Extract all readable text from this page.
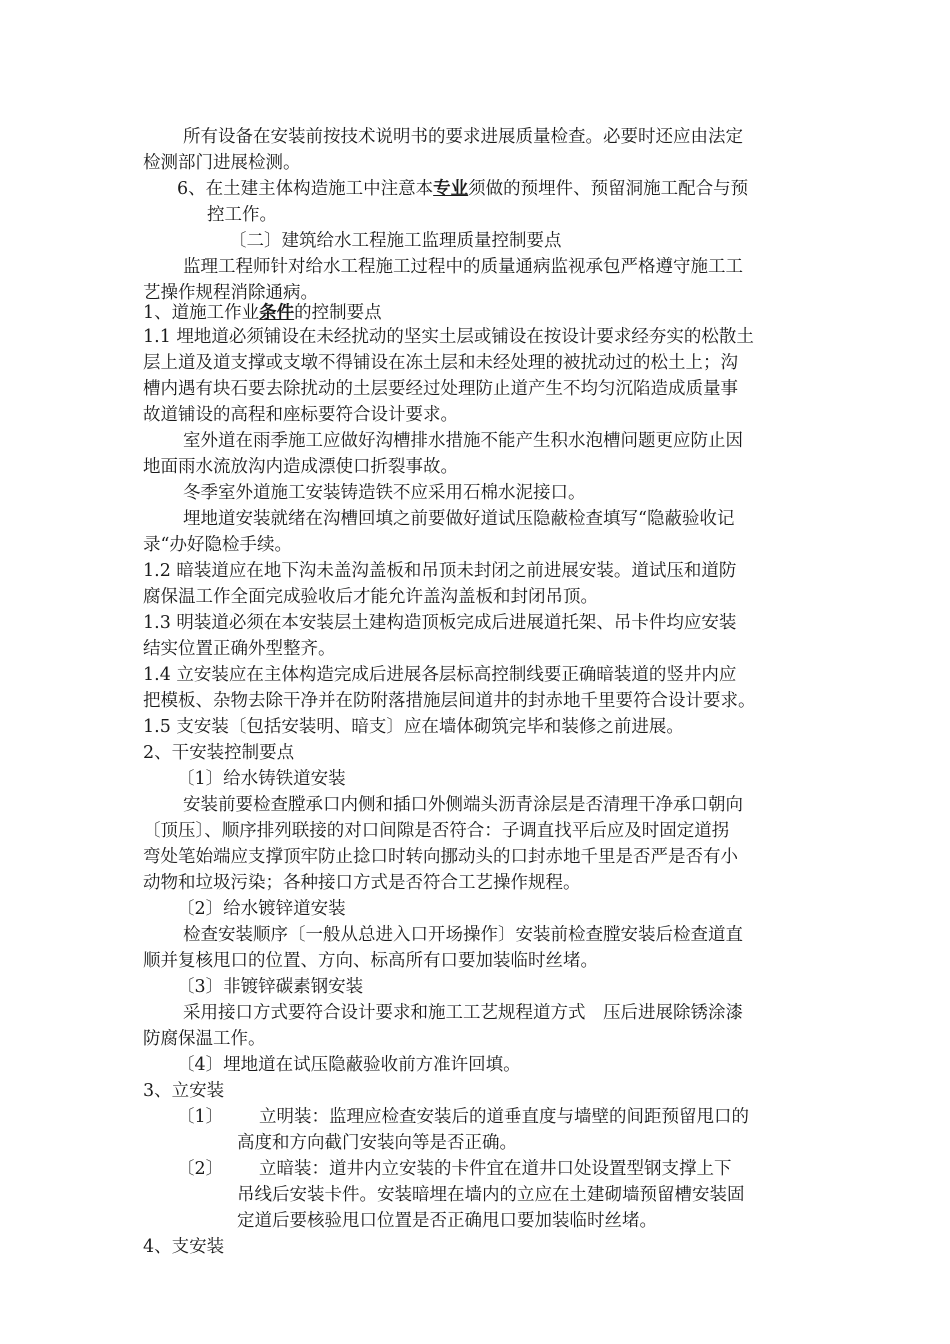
所有设备在安装前按技术说明书的要求进展质量检查。必要时还应由法定

检测部门进展检测。

6、在土建主体构造施工中注意本专业须做的预埋件、预留洞施工配合与预

控工作。

〔二〕建筑给水工程施工监理质量控制要点

监理工程师针对给水工程施工过程中的质量通病监视承包严格遵守施工工

艺操作规程消除通病。

1、道施工作业条件的控制要点

1.1 埋地道必须铺设在未经扰动的坚实土层或铺设在按设计要求经夯实的松散土

层上道及道支撑或支墩不得铺设在冻土层和未经处理的被扰动过的松土上；沟

槽内遇有块石要去除扰动的土层要经过处理防止道产生不均匀沉陷造成质量事

故道铺设的高程和座标要符合设计要求。

室外道在雨季施工应做好沟槽排水措施不能产生积水泡槽问题更应防止因

地面雨水流放沟内造成漂使口折裂事故。

冬季室外道施工安装铸造铁不应采用石棉水泥接口。

埋地道安装就绪在沟槽回填之前要做好道试压隐蔽检查填写“隐蔽验收记

录“办好隐检手续。

1.2 暗装道应在地下沟未盖沟盖板和吊顶未封闭之前进展安装。道试压和道防

腐保温工作全面完成验收后才能允许盖沟盖板和封闭吊顶。

1.3 明装道必须在本安装层土建构造顶板完成后进展道托架、吊卡件均应安装

结实位置正确外型整齐。

1.4 立安装应在主体构造完成后进展各层标高控制线要正确暗装道的竖井内应

把模板、杂物去除干净并在防附落措施层间道井的封赤地千里要符合设计要求。

1.5 支安装〔包括安装明、暗支〕应在墙体砌筑完毕和装修之前进展。

2、干安装控制要点

〔1〕给水铸铁道安装

安装前要检查膛承口内侧和插口外侧端头沥青涂层是否清理干净承口朝向

〔顶压〕、顺序排列联接的对口间隙是否符合：子调直找平后应及时固定道拐

弯处笔始端应支撑顶牢防止捻口时转向挪动头的口封赤地千里是否严是否有小

动物和垃圾污染；各种接口方式是否符合工艺操作规程。

〔2〕给水镀锌道安装

检查安装顺序〔一般从总进入口开场操作〕安装前检查膛安装后检查道直

顺并复核甩口的位置、方向、标高所有口要加装临时丝堵。

〔3〕非镀锌碳素钢安装

采用接口方式要符合设计要求和施工工艺规程道方式　压后进展除锈涂漆

防腐保温工作。

〔4〕埋地道在试压隐蔽验收前方准许回填。

3、立安装

〔1〕 立明装：监理应检查安装后的道垂直度与墙壁的间距预留甩口的

高度和方向截门安装向等是否正确。

〔2〕 立暗装：道井内立安装的卡件宜在道井口处设置型钢支撑上下

吊线后安装卡件。安装暗埋在墙内的立应在土建砌墙预留槽安装固

定道后要核验甩口位置是否正确甩口要加装临时丝堵。

4、支安装
